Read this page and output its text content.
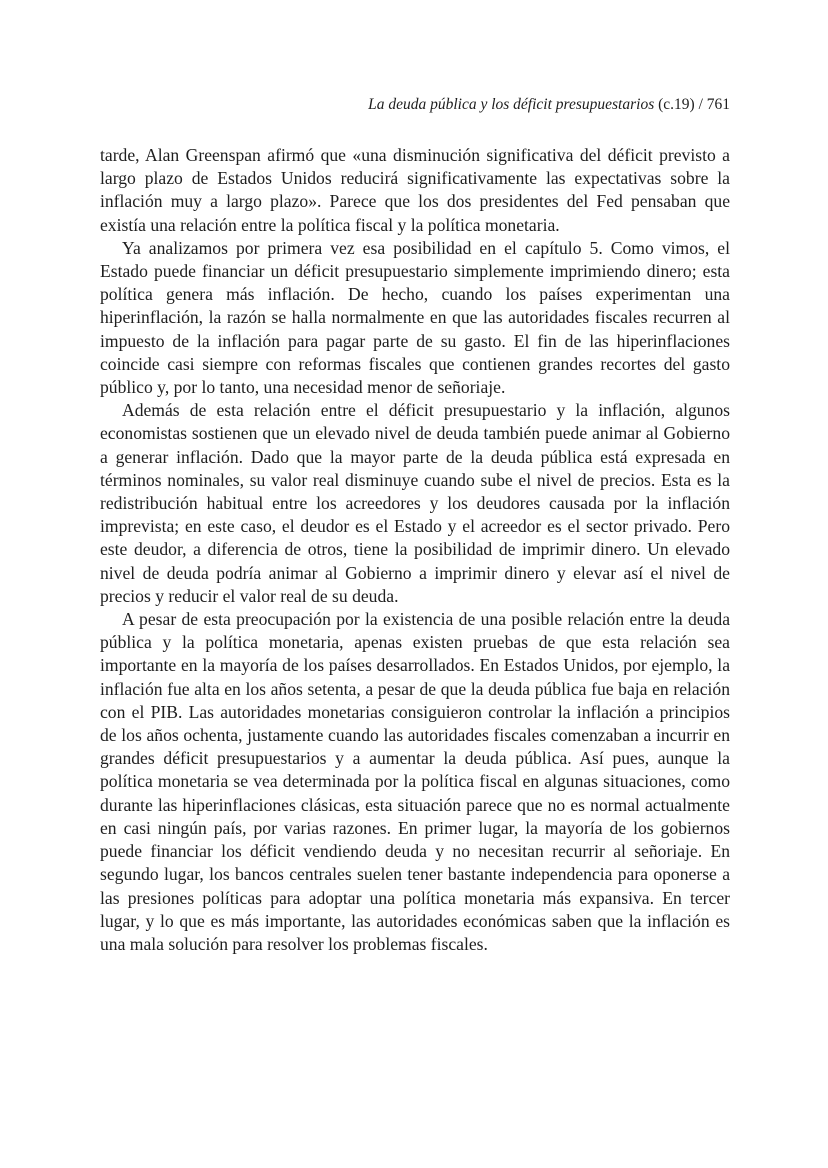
La deuda pública y los déficit presupuestarios (c.19) / 761

tarde, Alan Greenspan afirmó que «una disminución significativa del déficit previsto a largo plazo de Estados Unidos reducirá significativamente las expectativas sobre la inflación muy a largo plazo». Parece que los dos presidentes del Fed pensaban que existía una relación entre la política fiscal y la política monetaria.

Ya analizamos por primera vez esa posibilidad en el capítulo 5. Como vimos, el Estado puede financiar un déficit presupuestario simplemente imprimiendo dinero; esta política genera más inflación. De hecho, cuando los países experimentan una hiperinflación, la razón se halla normalmente en que las autoridades fiscales recurren al impuesto de la inflación para pagar parte de su gasto. El fin de las hiperinflaciones coincide casi siempre con reformas fiscales que contienen grandes recortes del gasto público y, por lo tanto, una necesidad menor de señoriaje.

Además de esta relación entre el déficit presupuestario y la inflación, algunos economistas sostienen que un elevado nivel de deuda también puede animar al Gobierno a generar inflación. Dado que la mayor parte de la deuda pública está expresada en términos nominales, su valor real disminuye cuando sube el nivel de precios. Esta es la redistribución habitual entre los acreedores y los deudores causada por la inflación imprevista; en este caso, el deudor es el Estado y el acreedor es el sector privado. Pero este deudor, a diferencia de otros, tiene la posibilidad de imprimir dinero. Un elevado nivel de deuda podría animar al Gobierno a imprimir dinero y elevar así el nivel de precios y reducir el valor real de su deuda.

A pesar de esta preocupación por la existencia de una posible relación entre la deuda pública y la política monetaria, apenas existen pruebas de que esta relación sea importante en la mayoría de los países desarrollados. En Estados Unidos, por ejemplo, la inflación fue alta en los años setenta, a pesar de que la deuda pública fue baja en relación con el PIB. Las autoridades monetarias consiguieron controlar la inflación a principios de los años ochenta, justamente cuando las autoridades fiscales comenzaban a incurrir en grandes déficit presupuestarios y a aumentar la deuda pública. Así pues, aunque la política monetaria se vea determinada por la política fiscal en algunas situaciones, como durante las hiperinflaciones clásicas, esta situación parece que no es normal actualmente en casi ningún país, por varias razones. En primer lugar, la mayoría de los gobiernos puede financiar los déficit vendiendo deuda y no necesitan recurrir al señoriaje. En segundo lugar, los bancos centrales suelen tener bastante independencia para oponerse a las presiones políticas para adoptar una política monetaria más expansiva. En tercer lugar, y lo que es más importante, las autoridades económicas saben que la inflación es una mala solución para resolver los problemas fiscales.
